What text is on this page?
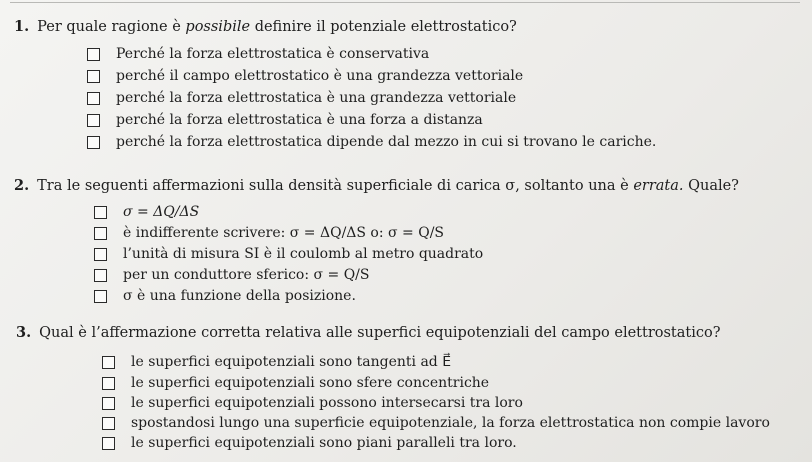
1. Per quale ragione è possibile definire il potenziale elettrostatico?
Perché la forza elettrostatica è conservativa
perché il campo elettrostatico è una grandezza vettoriale
perché la forza elettrostatica è una grandezza vettoriale
perché la forza elettrostatica è una forza a distanza
perché la forza elettrostatica dipende dal mezzo in cui si trovano le cariche.
2. Tra le seguenti affermazioni sulla densità superficiale di carica σ, soltanto una è errata. Quale?
σ = ΔQ/ΔS
è indifferente scrivere: σ = ΔQ/ΔS o: σ = Q/S
l’unità di misura SI è il coulomb al metro quadrato
per un conduttore sferico: σ = Q/S
σ è una funzione della posizione.
3. Qual è l’affermazione corretta relativa alle superfici equipotenziali del campo elettrostatico?
le superfici equipotenziali sono tangenti ad E⃗
le superfici equipotenziali sono sfere concentriche
le superfici equipotenziali possono intersecarsi tra loro
spostandosi lungo una superficie equipotenziale, la forza elettrostatica non compie lavoro
le superfici equipotenziali sono piani paralleli tra loro.
